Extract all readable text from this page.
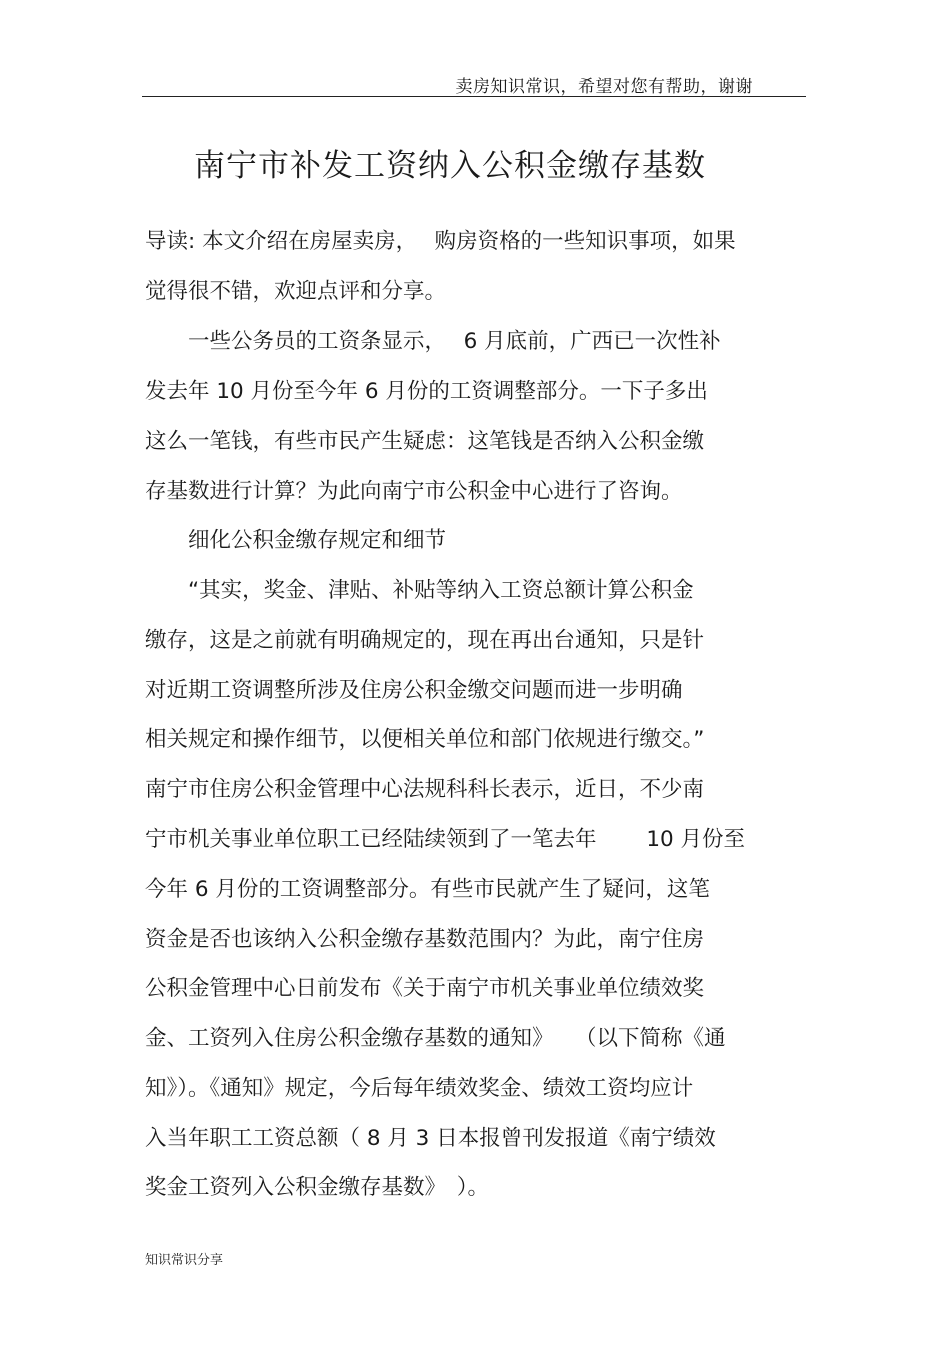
卖房知识常识，希望对您有帮助，谢谢
南宁市补发工资纳入公积金缴存基数
导读: 本文介绍在房屋卖房，　 购房资格的一些知识事项，如果
觉得很不错，欢迎点评和分享。
　　一些公务员的工资条显示，　 6 月底前，广西已一次性补
发去年 10 月份至今年 6 月份的工资调整部分。一下子多出
这么一笔钱，有些市民产生疑虑：这笔钱是否纳入公积金缴
存基数进行计算？为此向南宁市公积金中心进行了咨询。
　　细化公积金缴存规定和细节
　　“其实，奖金、津贴、补贴等纳入工资总额计算公积金
缴存，这是之前就有明确规定的，现在再出台通知，只是针
对近期工资调整所涉及住房公积金缴交问题而进一步明确
相关规定和操作细节，以便相关单位和部门依规进行缴交。”
南宁市住房公积金管理中心法规科科长表示，近日，不少南
宁市机关事业单位职工已经陆续领到了一笔去年　　 10 月份至
今年 6 月份的工资调整部分。有些市民就产生了疑问，这笔
资金是否也该纳入公积金缴存基数范围内？为此，南宁住房
公积金管理中心日前发布《关于南宁市机关事业单位绩效奖
金、工资列入住房公积金缴存基数的通知》　　（以下简称《通
知》）。《通知》规定，今后每年绩效奖金、绩效工资均应计
入当年职工工资总额（ 8 月 3 日本报曾刊发报道《南宁绩效
奖金工资列入公积金缴存基数》　）。
知识常识分享
